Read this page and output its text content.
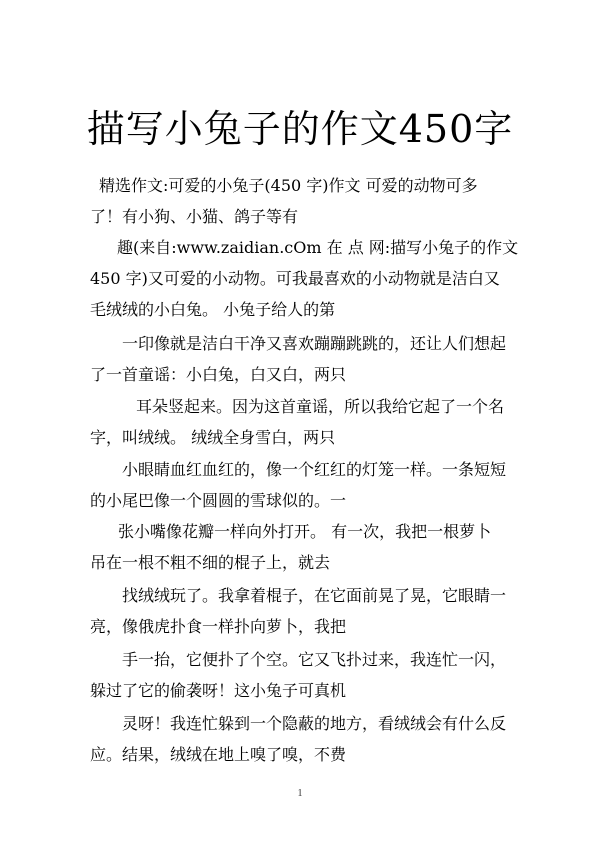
描写小兔子的作文450字
精选作文:可爱的小兔子(450 字)作文 可爱的动物可多
了！有小狗、小猫、鸽子等有
趣(来自:www.zaidian.cOm 在 点 网:描写小兔子的作文
450 字)又可爱的小动物。可我最喜欢的小动物就是洁白又
毛绒绒的小白兔。 小兔子给人的第
一印像就是洁白干净又喜欢蹦蹦跳跳的，还让人们想起
了一首童谣：小白兔，白又白，两只
耳朵竖起来。因为这首童谣，所以我给它起了一个名
字，叫绒绒。 绒绒全身雪白，两只
小眼睛血红血红的，像一个红红的灯笼一样。一条短短
的小尾巴像一个圆圆的雪球似的。一
张小嘴像花瓣一样向外打开。 有一次，我把一根萝卜
吊在一根不粗不细的棍子上，就去
找绒绒玩了。我拿着棍子，在它面前晃了晃，它眼睛一
亮，像俄虎扑食一样扑向萝卜，我把
手一抬，它便扑了个空。它又飞扑过来，我连忙一闪，
躲过了它的偷袭呀！这小兔子可真机
灵呀！我连忙躲到一个隐蔽的地方，看绒绒会有什么反
应。结果，绒绒在地上嗅了嗅，不费
1
